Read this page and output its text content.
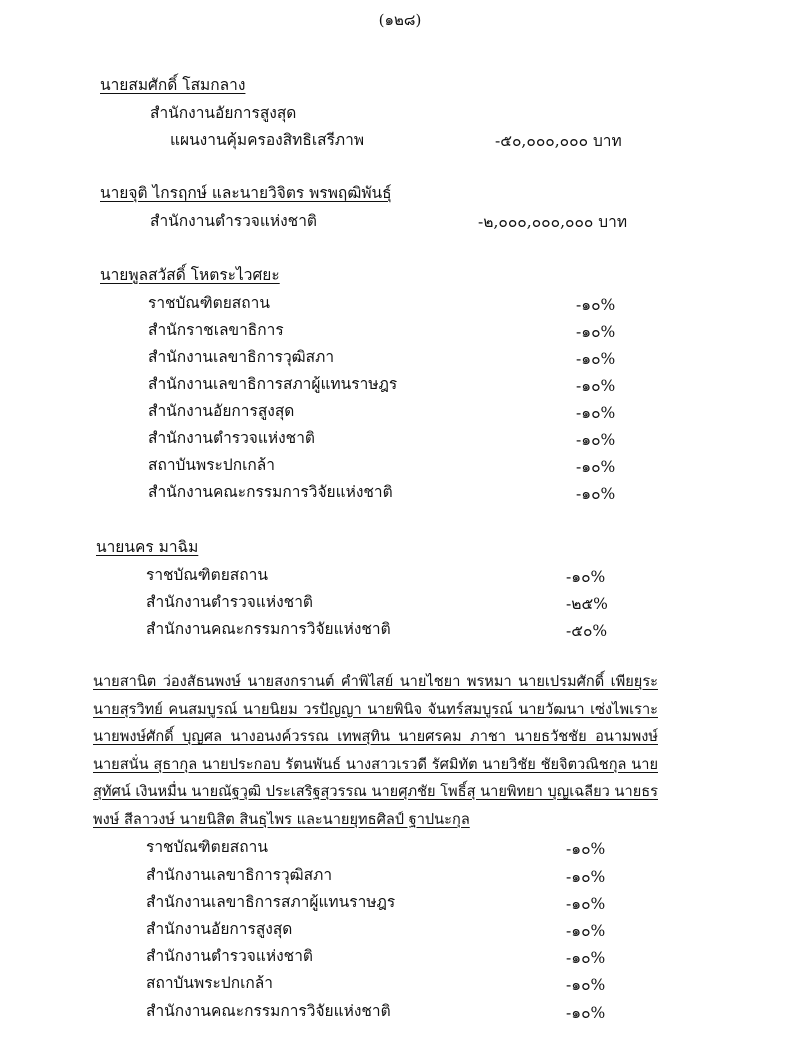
(๑๒๘)
นายสมศักดิ์ โสมกลาง
สำนักงานอัยการสูงสุด
แผนงานคุ้มครองสิทธิเสรีภาพ	-๕๐,๐๐๐,๐๐๐ บาท
นายจุติ ไกรฤกษ์ และนายวิจิตร พรพฤฒิพันธุ์
สำนักงานตำรวจแห่งชาติ	-๒,๐๐๐,๐๐๐,๐๐๐ บาท
นายพูลสวัสดิ์ โหตระไวศยะ
ราชบัณฑิตยสถาน	-๑๐%
สำนักราชเลขาธิการ	-๑๐%
สำนักงานเลขาธิการวุฒิสภา	-๑๐%
สำนักงานเลขาธิการสภาผู้แทนราษฎร	-๑๐%
สำนักงานอัยการสูงสุด	-๑๐%
สำนักงานตำรวจแห่งชาติ	-๑๐%
สถาบันพระปกเกล้า	-๑๐%
สำนักงานคณะกรรมการวิจัยแห่งชาติ	-๑๐%
นายนคร มาฉิม
ราชบัณฑิตยสถาน	-๑๐%
สำนักงานตำรวจแห่งชาติ	-๒๕%
สำนักงานคณะกรรมการวิจัยแห่งชาติ	-๕๐%
นายสานิต ว่องสัธนพงษ์ นายสงกรานต์ คำพิไสย์ นายไชยา พรหมา นายเปรมศักดิ์ เพียยุระ นายสุรวิทย์ คนสมบูรณ์ นายนิยม วรปัญญา นายพินิจ จันทร์สมบูรณ์ นายวัฒนา เซ่งไพเราะ นายพงษ์ศักดิ์ บุญศล นางอนงค์วรรณ เทพสุทิน นายศรคม ภาชา นายธวัชชัย อนามพงษ์ นายสนั่น สุธากุล นายประกอบ รัตนพันธ์ นางสาวเรวดี รัศมิทัต นายวิชัย ชัยจิตวณิชกุล นายสุทัศน์ เงินหมื่น นายณัฐวุฒิ ประเสริฐสุวรรณ นายศุภชัย โพธิ์สุ นายพิทยา บุญเฉลียว นายธรพงษ์ สีลาวงษ์ นายนิสิต สินธุไพร และนายยุทธศิลป์ ฐาปนะกุล
ราชบัณฑิตยสถาน	-๑๐%
สำนักงานเลขาธิการวุฒิสภา	-๑๐%
สำนักงานเลขาธิการสภาผู้แทนราษฎร	-๑๐%
สำนักงานอัยการสูงสุด	-๑๐%
สำนักงานตำรวจแห่งชาติ	-๑๐%
สถาบันพระปกเกล้า	-๑๐%
สำนักงานคณะกรรมการวิจัยแห่งชาติ	-๑๐%
